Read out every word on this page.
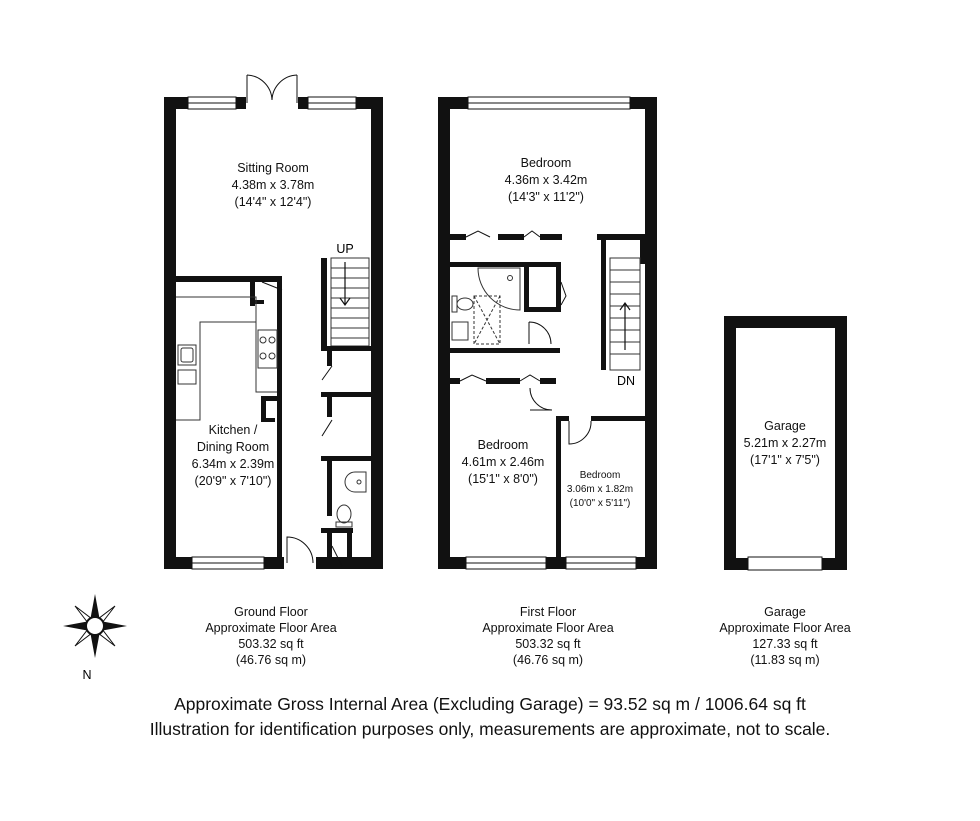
Sitting Room
4.38m x 3.78m
(14'4" x 12'4")
UP
Kitchen /
Dining Room
6.34m x 2.39m
(20'9" x 7'10")
DN
Bedroom
4.36m x 3.42m
(14'3" x 11'2")
Bedroom
4.61m x 2.46m
(15'1" x 8'0")	Bedroom
3.06m x 1.82m
(10'0" x 5'11")
Garage
5.21m x 2.27m
(17'1" x 7'5")
N
Ground Floor
Approximate Floor Area
503.32 sq ft
(46.76 sq m)
First Floor
Approximate Floor Area
503.32 sq ft
(46.76 sq m)
Garage
Approximate Floor Area
127.33 sq ft
(11.83 sq m)
Approximate Gross Internal Area (Excluding Garage) = 93.52 sq m / 1006.64 sq ft
Illustration for identification purposes only, measurements are approximate, not to scale.
